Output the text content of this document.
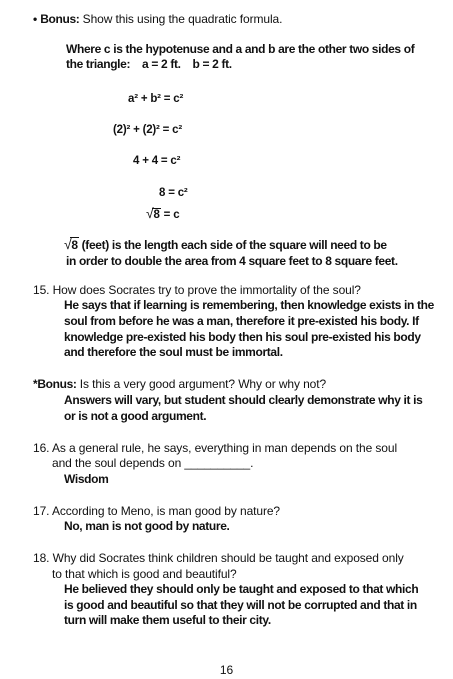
• Bonus: Show this using the quadratic formula.
Where c is the hypotenuse and a and b are the other two sides of
the triangle:    a = 2 ft.    b = 2 ft.
a² + b² = c²
(2)² + (2)² = c²
4 + 4 = c²
8 = c²
√8 = c
√8 (feet) is the length each side of the square will need to be
in order to double the area from 4 square feet to 8 square feet.
15. How does Socrates try to prove the immortality of the soul?
He says that if learning is remembering, then knowledge exists in the
soul from before he was a man, therefore it pre-existed his body. If
knowledge pre-existed his body then his soul pre-existed his body
and therefore the soul must be immortal.
*Bonus: Is this a very good argument? Why or why not?
Answers will vary, but student should clearly demonstrate why it is
or is not a good argument.
16. As a general rule, he says, everything in man depends on the soul
and the soul depends on __________.
Wisdom
17. According to Meno, is man good by nature?
No, man is not good by nature.
18. Why did Socrates think children should be taught and exposed only
to that which is good and beautiful?
He believed they should only be taught and exposed to that which
is good and beautiful so that they will not be corrupted and that in
turn will make them useful to their city.
16
